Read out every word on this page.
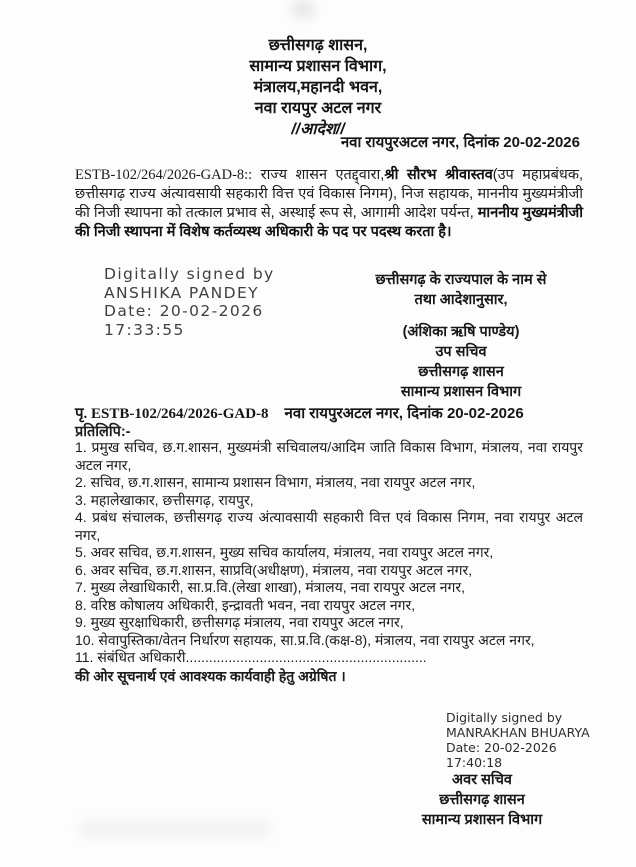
छत्तीसगढ़ शासन,
सामान्य प्रशासन विभाग,
मंत्रालय,महानदी भवन,
नवा रायपुर अटल नगर
//आदेश//
नवा रायपुरअटल नगर, दिनांक 20-02-2026

ESTB-102/264/2026-GAD-8:: राज्य शासन एतद्द्वारा,श्री सौरभ श्रीवास्तव(उप महाप्रबंधक, छत्तीसगढ़ राज्य अंत्यावसायी सहकारी वित्त एवं विकास निगम), निज सहायक, माननीय मुख्यमंत्रीजी की निजी स्थापना को तत्काल प्रभाव से, अस्थाई रूप से, आगामी आदेश पर्यन्त, माननीय मुख्यमंत्रीजी की निजी स्थापना में विशेष कर्तव्यस्थ अधिकारी के पद पर पदस्थ करता है।

Digitally signed by
ANSHIKA PANDEY
Date: 20-02-2026
17:33:55
छत्तीसगढ़ के राज्यपाल के नाम से
तथा आदेशानुसार,
(अंशिका ऋषि पाण्डेय)
उप सचिव
छत्तीसगढ़ शासन
सामान्य प्रशासन विभाग
पृ. ESTB-102/264/2026-GAD-8 नवा रायपुरअटल नगर, दिनांक 20-02-2026
प्रतिलिपि:-
1. प्रमुख सचिव, छ.ग.शासन, मुख्यमंत्री सचिवालय/आदिम जाति विकास विभाग, मंत्रालय, नवा रायपुर अटल नगर,
2. सचिव, छ.ग.शासन, सामान्य प्रशासन विभाग, मंत्रालय, नवा रायपुर अटल नगर,
3. महालेखाकार, छत्तीसगढ़, रायपुर,
4. प्रबंध संचालक, छत्तीसगढ़ राज्य अंत्यावसायी सहकारी वित्त एवं विकास निगम, नवा रायपुर अटल नगर,
5. अवर सचिव, छ.ग.शासन, मुख्य सचिव कार्यालय, मंत्रालय, नवा रायपुर अटल नगर,
6. अवर सचिव, छ.ग.शासन, साप्रवि(अधीक्षण), मंत्रालय, नवा रायपुर अटल नगर,
7. मुख्य लेखाधिकारी, सा.प्र.वि.(लेखा शाखा), मंत्रालय, नवा रायपुर अटल नगर,
8. वरिष्ठ कोषालय अधिकारी, इन्द्रावती भवन, नवा रायपुर अटल नगर,
9. मुख्य सुरक्षाधिकारी, छत्तीसगढ़ मंत्रालय, नवा रायपुर अटल नगर,
10. सेवापुस्तिका/वेतन निर्धारण सहायक, सा.प्र.वि.(कक्ष-8), मंत्रालय, नवा रायपुर अटल नगर,
11. संबंधित अधिकारी..............................................................
की ओर सूचनार्थ एवं आवश्यक कार्यवाही हेतु अग्रेषित ।
Digitally signed by
MANRAKHAN BHUARYA
Date: 20-02-2026
17:40:18
अवर सचिव
छत्तीसगढ़ शासन
सामान्य प्रशासन विभाग
